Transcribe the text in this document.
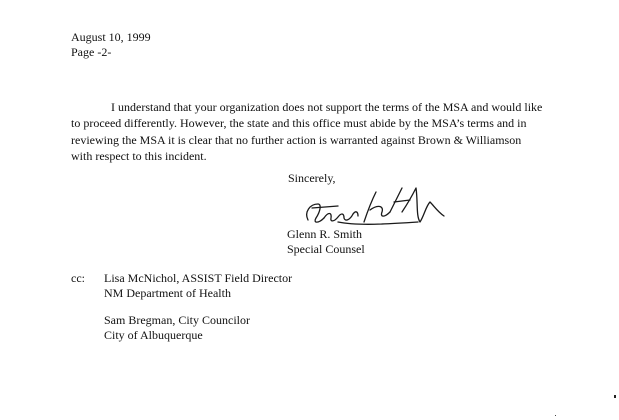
August 10, 1999
Page -2-
I understand that your organization does not support the terms of the MSA and would like
to proceed differently. However, the state and this office must abide by the MSA’s terms and in
reviewing the MSA it is clear that no further action is warranted against Brown & Williamson
with respect to this incident.
Sincerely,
Glenn R. Smith
Special Counsel
cc: Lisa McNichol, ASSIST Field Director
NM Department of Health
Sam Bregman, City Councilor
City of Albuquerque
